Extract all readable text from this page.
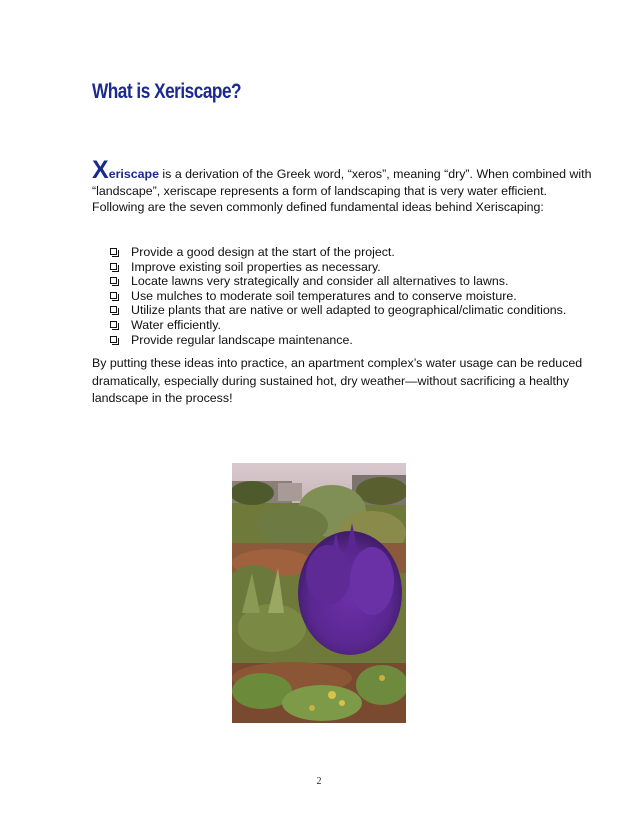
What is Xeriscape?

Xeriscape is a derivation of the Greek word, “xeros”, meaning “dry”. When combined with “landscape”, xeriscape represents a form of landscaping that is very water efficient. Following are the seven commonly defined fundamental ideas behind Xeriscaping:

Provide a good design at the start of the project.
Improve existing soil properties as necessary.
Locate lawns very strategically and consider all alternatives to lawns.
Use mulches to moderate soil temperatures and to conserve moisture.
Utilize plants that are native or well adapted to geographical/climatic conditions.
Water efficiently.
Provide regular landscape maintenance.

By putting these ideas into practice, an apartment complex’s water usage can be reduced dramatically, especially during sustained hot, dry weather—without sacrificing a healthy landscape in the process!

2
